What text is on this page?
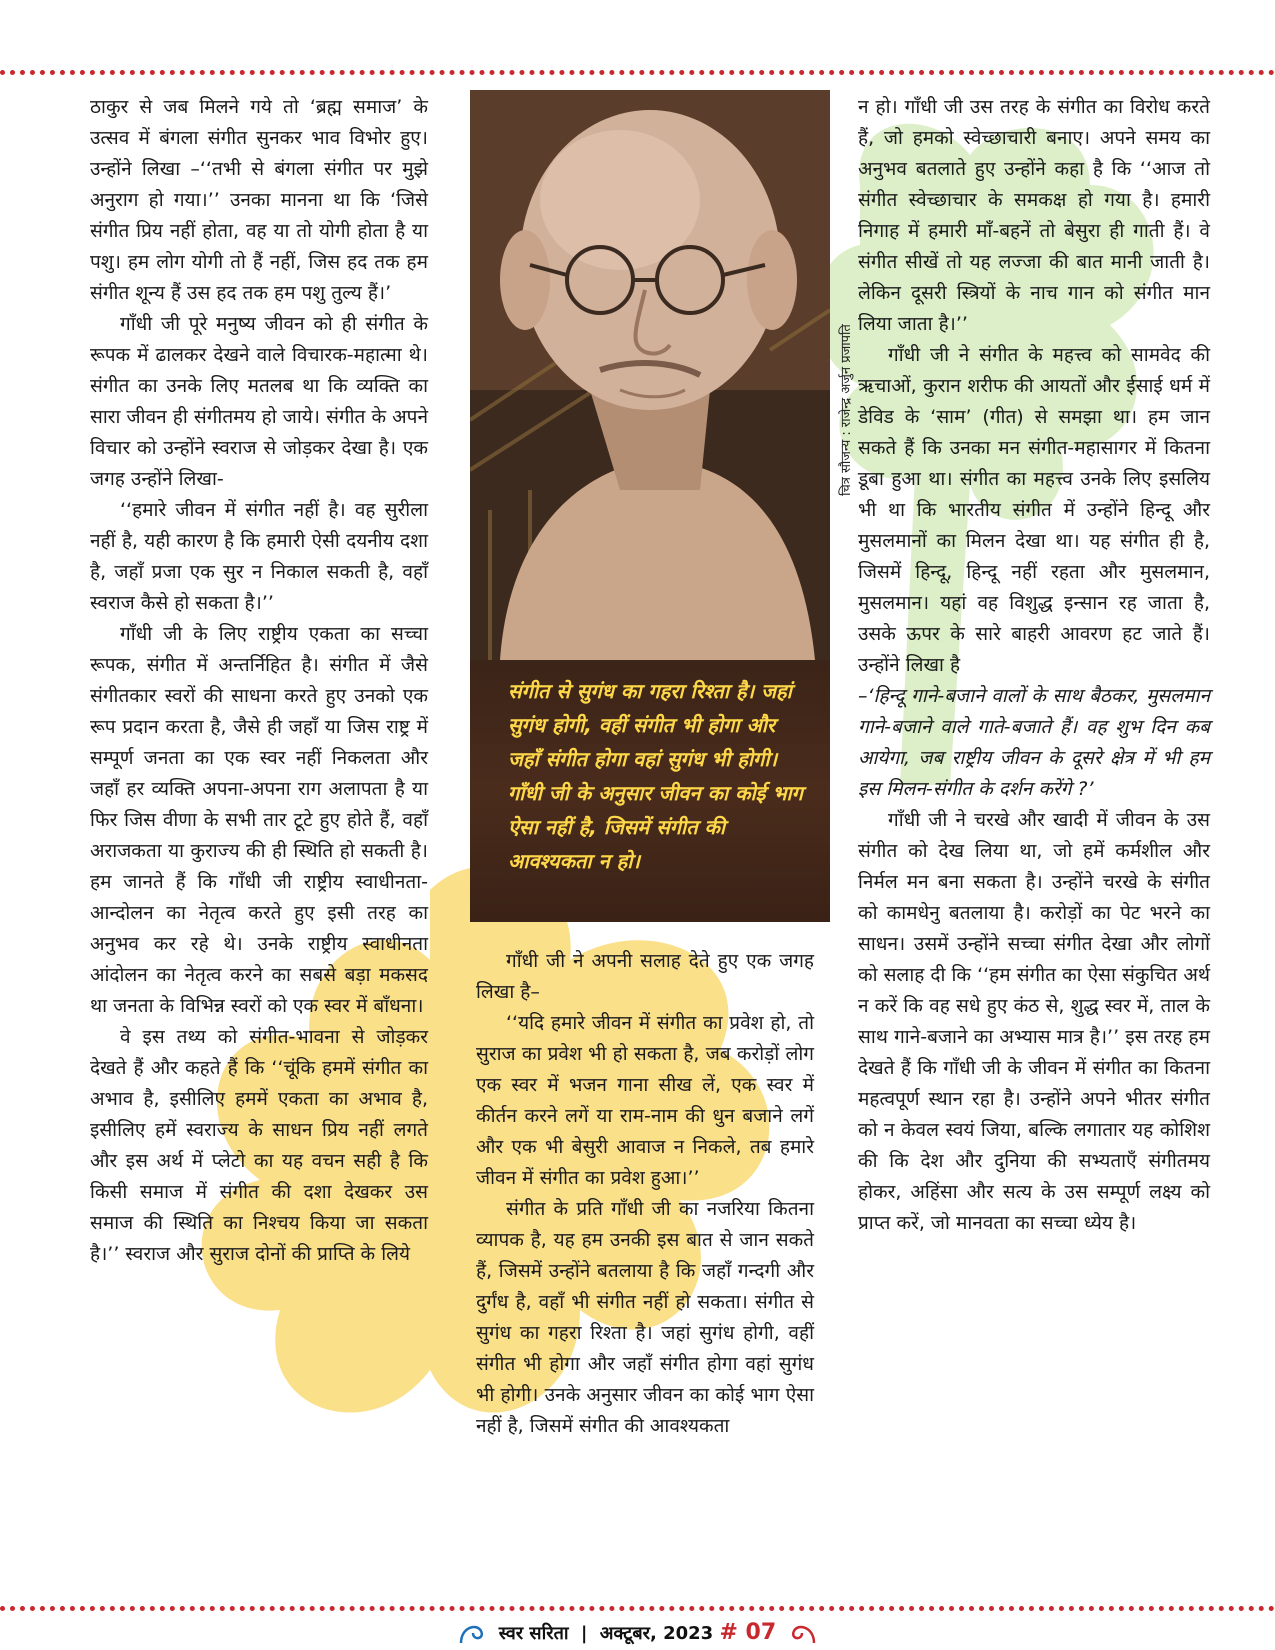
ठाकुर से जब मिलने गये तो ‘ब्रह्म समाज’ के उत्सव में बंगला संगीत सुनकर भाव विभोर हुए। उन्होंने लिखा –‘‘तभी से बंगला संगीत पर मुझे अनुराग हो गया।’’ उनका मानना था कि ‘जिसे संगीत प्रिय नहीं होता, वह या तो योगी होता है या पशु। हम लोग योगी तो हैं नहीं, जिस हद तक हम संगीत शून्य हैं उस हद तक हम पशु तुल्य हैं।’

गाँधी जी पूरे मनुष्य जीवन को ही संगीत के रूपक में ढालकर देखने वाले विचारक-महात्मा थे। संगीत का उनके लिए मतलब था कि व्यक्ति का सारा जीवन ही संगीतमय हो जाये। संगीत के अपने विचार को उन्होंने स्वराज से जोड़कर देखा है। एक जगह उन्होंने लिखा-

‘‘हमारे जीवन में संगीत नहीं है। वह सुरीला नहीं है, यही कारण है कि हमारी ऐसी दयनीय दशा है, जहाँ प्रजा एक सुर न निकाल सकती है, वहाँ स्वराज कैसे हो सकता है।’’

गाँधी जी के लिए राष्ट्रीय एकता का सच्चा रूपक, संगीत में अन्तर्निहित है। संगीत में जैसे संगीतकार स्वरों की साधना करते हुए उनको एक रूप प्रदान करता है, जैसे ही जहाँ या जिस राष्ट्र में सम्पूर्ण जनता का एक स्वर नहीं निकलता और जहाँ हर व्यक्ति अपना-अपना राग अलापता है या फिर जिस वीणा के सभी तार टूटे हुए होते हैं, वहाँ अराजकता या कुराज्य की ही स्थिति हो सकती है। हम जानते हैं कि गाँधी जी राष्ट्रीय स्वाधीनता-आन्दोलन का नेतृत्व करते हुए इसी तरह का अनुभव कर रहे थे। उनके राष्ट्रीय स्वाधीनता आंदोलन का नेतृत्व करने का सबसे बड़ा मकसद था जनता के विभिन्न स्वरों को एक स्वर में बाँधना।

वे इस तथ्य को संगीत-भावना से जोड़कर देखते हैं और कहते हैं कि ‘‘चूंकि हममें संगीत का अभाव है, इसीलिए हममें एकता का अभाव है, इसीलिए हमें स्वराज्य के साधन प्रिय नहीं लगते और इस अर्थ में प्लेटो का यह वचन सही है कि किसी समाज में संगीत की दशा देखकर उस समाज की स्थिति का निश्चय किया जा सकता है।’’ स्वराज और सुराज दोनों की प्राप्ति के लिये

चित्र सौजन्य : राजेन्द्र अर्जुन प्रजापति

संगीत से सुगंध का गहरा रिश्ता है। जहां सुगंध होगी, वहीं संगीत भी होगा और जहाँ संगीत होगा वहां सुगंध भी होगी। गाँधी जी के अनुसार जीवन का कोई भाग ऐसा नहीं है, जिसमें संगीत की आवश्यकता न हो।

गाँधी जी ने अपनी सलाह देते हुए एक जगह लिखा है–

‘‘यदि हमारे जीवन में संगीत का प्रवेश हो, तो सुराज का प्रवेश भी हो सकता है, जब करोड़ों लोग एक स्वर में भजन गाना सीख लें, एक स्वर में कीर्तन करने लगें या राम-नाम की धुन बजाने लगें और एक भी बेसुरी आवाज न निकले, तब हमारे जीवन में संगीत का प्रवेश हुआ।’’

संगीत के प्रति गाँधी जी का नजरिया कितना व्यापक है, यह हम उनकी इस बात से जान सकते हैं, जिसमें उन्होंने बतलाया है कि जहाँ गन्दगी और दुर्गंध है, वहाँ भी संगीत नहीं हो सकता। संगीत से सुगंध का गहरा रिश्ता है। जहां सुगंध होगी, वहीं संगीत भी होगा और जहाँ संगीत होगा वहां सुगंध भी होगी। उनके अनुसार जीवन का कोई भाग ऐसा नहीं है, जिसमें संगीत की आवश्यकता

न हो। गाँधी जी उस तरह के संगीत का विरोध करते हैं, जो हमको स्वेच्छाचारी बनाए। अपने समय का अनुभव बतलाते हुए उन्होंने कहा है कि ‘‘आज तो संगीत स्वेच्छाचार के समकक्ष हो गया है। हमारी निगाह में हमारी माँ-बहनें तो बेसुरा ही गाती हैं। वे संगीत सीखें तो यह लज्जा की बात मानी जाती है। लेकिन दूसरी स्त्रियों के नाच गान को संगीत मान लिया जाता है।’’

गाँधी जी ने संगीत के महत्त्व को सामवेद की ऋचाओं, कुरान शरीफ की आयतों और ईसाई धर्म में डेविड के ‘साम’ (गीत) से समझा था। हम जान सकते हैं कि उनका मन संगीत-महासागर में कितना डूबा हुआ था। संगीत का महत्त्व उनके लिए इसलिय भी था कि भारतीय संगीत में उन्होंने हिन्दू और मुसलमानों का मिलन देखा था। यह संगीत ही है, जिसमें हिन्दू, हिन्दू नहीं रहता और मुसलमान, मुसलमान। यहां वह विशुद्ध इन्सान रह जाता है, उसके ऊपर के सारे बाहरी आवरण हट जाते हैं। उन्होंने लिखा है

–‘हिन्दू गाने-बजाने वालों के साथ बैठकर, मुसलमान गाने-बजाने वाले गाते-बजाते हैं। वह शुभ दिन कब आयेगा, जब राष्ट्रीय जीवन के दूसरे क्षेत्र में भी हम इस मिलन-संगीत के दर्शन करेंगे ?’

गाँधी जी ने चरखे और खादी में जीवन के उस संगीत को देख लिया था, जो हमें कर्मशील और निर्मल मन बना सकता है। उन्होंने चरखे के संगीत को कामधेनु बतलाया है। करोड़ों का पेट भरने का साधन। उसमें उन्होंने सच्चा संगीत देखा और लोगों को सलाह दी कि ‘‘हम संगीत का ऐसा संकुचित अर्थ न करें कि वह सधे हुए कंठ से, शुद्ध स्वर में, ताल के साथ गाने-बजाने का अभ्यास मात्र है।’’ इस तरह हम देखते हैं कि गाँधी जी के जीवन में संगीत का कितना महत्वपूर्ण स्थान रहा है। उन्होंने अपने भीतर संगीत को न केवल स्वयं जिया, बल्कि लगातार यह कोशिश की कि देश और दुनिया की सभ्यताएँ संगीतमय होकर, अहिंसा और सत्य के उस सम्पूर्ण लक्ष्य को प्राप्त करें, जो मानवता का सच्चा ध्येय है।

स्वर सरिता | अक्टूबर, 2023 # 07
